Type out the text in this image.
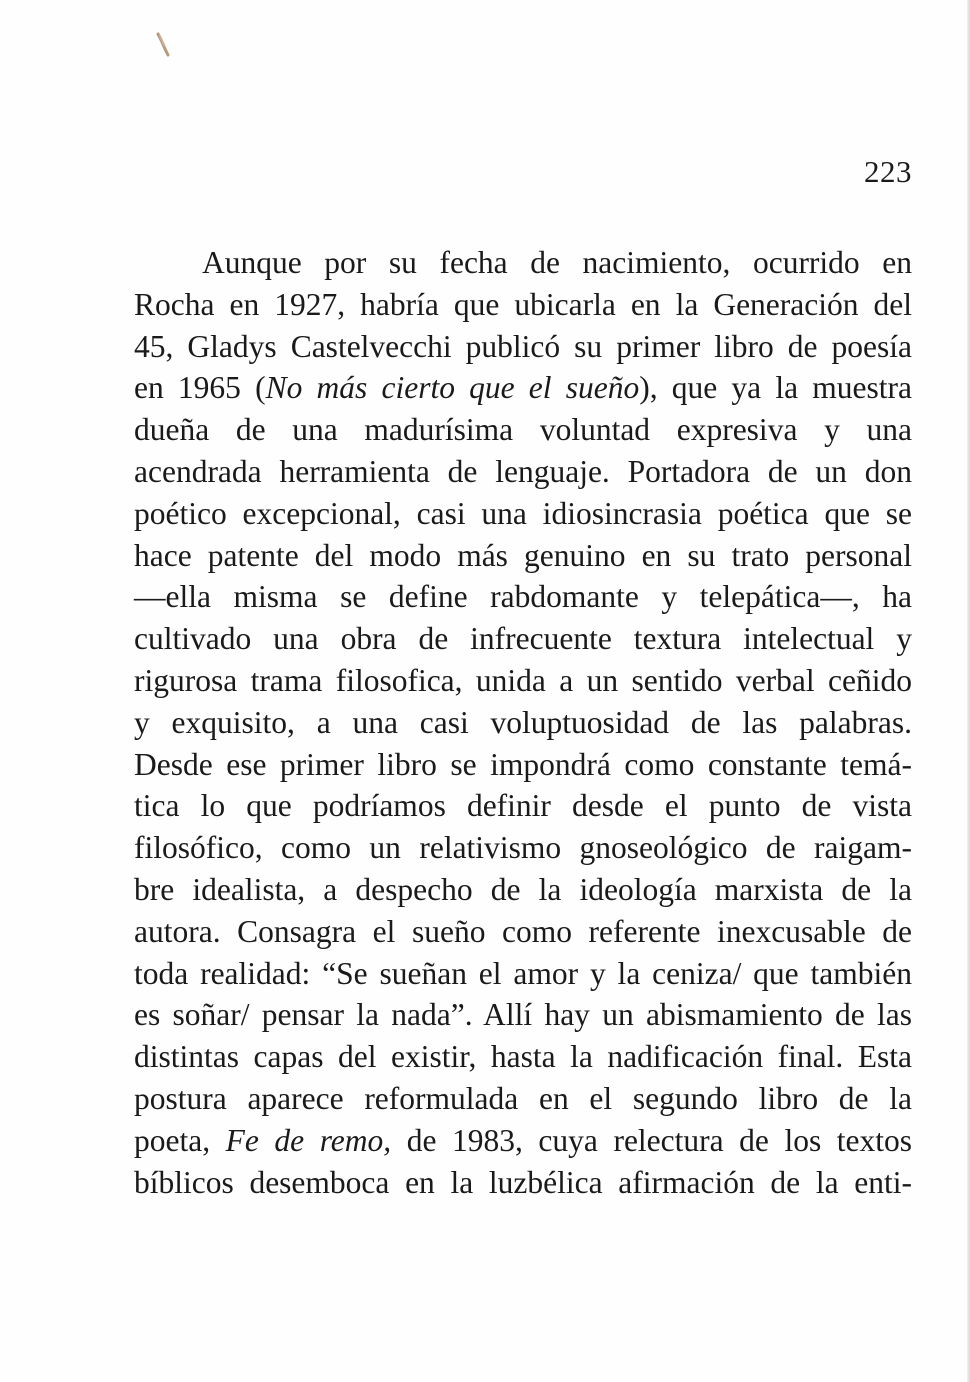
223

Aunque por su fecha de nacimiento, ocurrido en
Rocha en 1927, habría que ubicarla en la Generación del
45, Gladys Castelvecchi publicó su primer libro de poesía
en 1965 (No más cierto que el sueño), que ya la muestra
dueña de una madurísima voluntad expresiva y una
acendrada herramienta de lenguaje. Portadora de un don
poético excepcional, casi una idiosincrasia poética que se
hace patente del modo más genuino en su trato personal
—ella misma se define rabdomante y telepática—, ha
cultivado una obra de infrecuente textura intelectual y
rigurosa trama filosofica, unida a un sentido verbal ceñido
y exquisito, a una casi voluptuosidad de las palabras.
Desde ese primer libro se impondrá como constante temá-
tica lo que podríamos definir desde el punto de vista
filosófico, como un relativismo gnoseológico de raigam-
bre idealista, a despecho de la ideología marxista de la
autora. Consagra el sueño como referente inexcusable de
toda realidad: “Se sueñan el amor y la ceniza/ que también
es soñar/ pensar la nada”. Allí hay un abismamiento de las
distintas capas del existir, hasta la nadificación final. Esta
postura aparece reformulada en el segundo libro de la
poeta, Fe de remo, de 1983, cuya relectura de los textos
bíblicos desemboca en la luzbélica afirmación de la enti-
